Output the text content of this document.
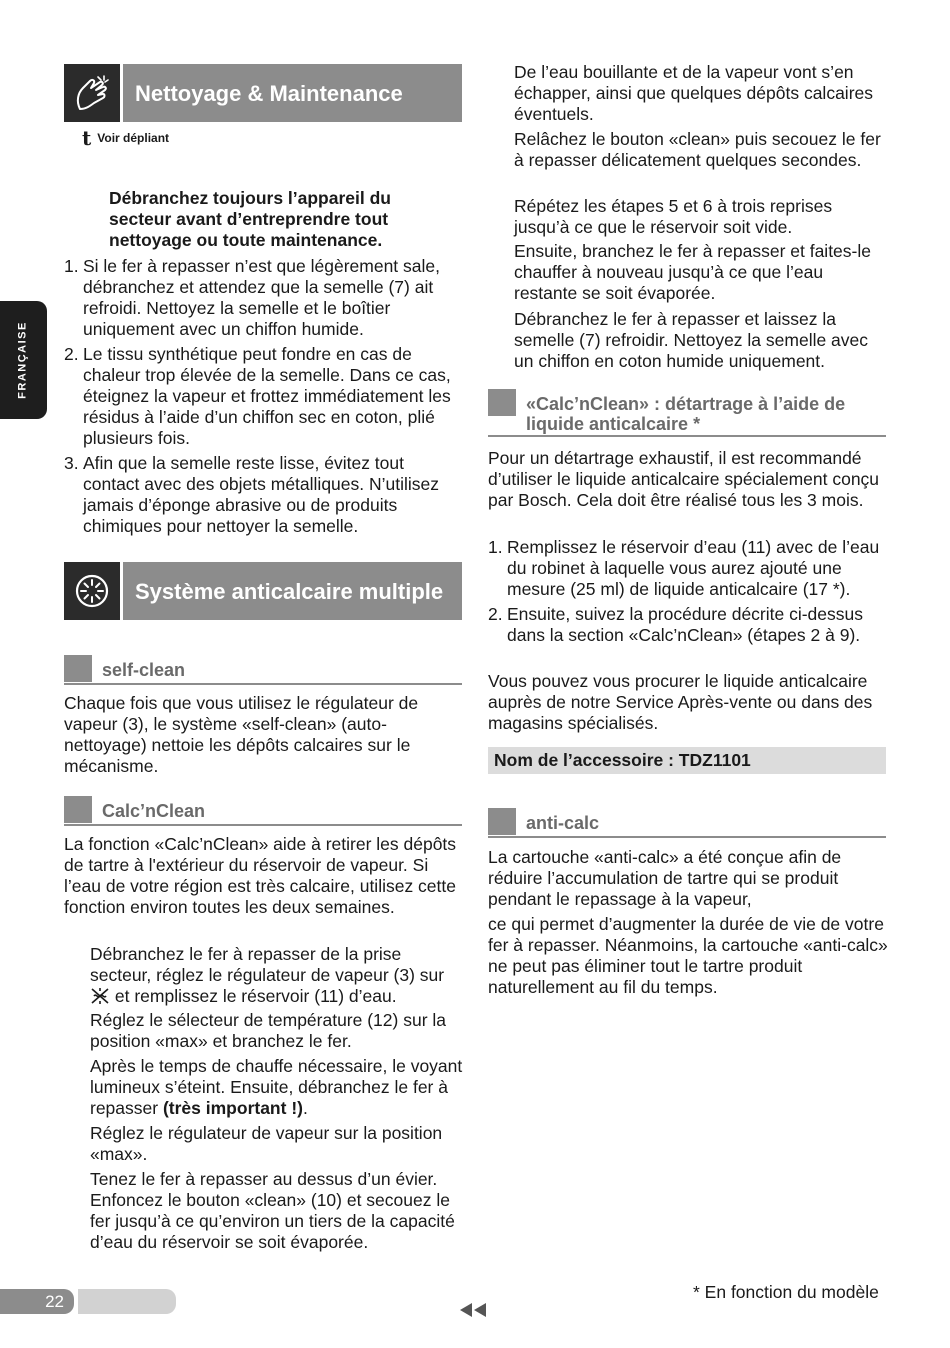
FRANÇAISE
Nettoyage & Maintenance
t Voir dépliant

Débranchez toujours l’appareil du secteur avant d’entreprendre tout nettoyage ou toute maintenance.

1. Si le fer à repasser n’est que légèrement sale, débranchez et attendez que la semelle (7) ait refroidi. Nettoyez la semelle et le boîtier uniquement avec un chiffon humide.
2. Le tissu synthétique peut fondre en cas de chaleur trop élevée de la semelle. Dans ce cas, éteignez la vapeur et frottez immédiatement les résidus à l’aide d’un chiffon sec en coton, plié plusieurs fois.
3. Afin que la semelle reste lisse, évitez tout contact avec des objets métalliques. N’utilisez jamais d’éponge abrasive ou de produits chimiques pour nettoyer la semelle.
Système anticalcaire multiple
self-clean

Chaque fois que vous utilisez le régulateur de vapeur (3), le système «self-clean» (auto-nettoyage) nettoie les dépôts calcaires sur le mécanisme.

Calc’nClean

La fonction «Calc’nClean» aide à retirer les dépôts de tartre à l'extérieur du réservoir de vapeur. Si l’eau de votre région est très calcaire, utilisez cette fonction environ toutes les deux semaines.

Débranchez le fer à repasser de la prise secteur, réglez le régulateur de vapeur (3) sur  et remplissez le réservoir (11) d’eau.

Réglez le sélecteur de température (12) sur la position «max» et branchez le fer.

Après le temps de chauffe nécessaire, le voyant lumineux s’éteint. Ensuite, débranchez le fer à repasser (très important !).

Réglez le régulateur de vapeur sur la position «max».

Tenez le fer à repasser au dessus d’un évier. Enfoncez le bouton «clean» (10) et secouez le fer jusqu’à ce qu’environ un tiers de la capacité d’eau du réservoir se soit évaporée.

De l’eau bouillante et de la vapeur vont s’en échapper, ainsi que quelques dépôts calcaires éventuels.

Relâchez le bouton «clean» puis secouez le fer à repasser délicatement quelques secondes.

Répétez les étapes 5 et 6 à trois reprises jusqu’à ce que le réservoir soit vide.

Ensuite, branchez le fer à repasser et faites-le chauffer à nouveau jusqu’à ce que l’eau restante se soit évaporée.

Débranchez le fer à repasser et laissez la semelle (7) refroidir. Nettoyez la semelle avec un chiffon en coton humide uniquement.

«Calc’nClean» : détartrage à l’aide de
liquide anticalcaire *

Pour un détartrage exhaustif, il est recommandé d’utiliser le liquide anticalcaire spécialement conçu par Bosch. Cela doit être réalisé tous les 3 mois.

1. Remplissez le réservoir d’eau (11) avec de l’eau du robinet à laquelle vous aurez ajouté une mesure (25 ml) de liquide anticalcaire (17 *).
2. Ensuite, suivez la procédure décrite ci-dessus dans la section «Calc’nClean» (étapes 2 à 9).

Vous pouvez vous procurer le liquide anticalcaire auprès de notre Service Après-vente ou dans des magasins spécialisés.

Nom de l’accessoire : TDZ1101
anti-calc

La cartouche «anti-calc» a été conçue afin de réduire l’accumulation de tartre qui se produit pendant le repassage à la vapeur,

ce qui permet d’augmenter la durée de vie de votre fer à repasser. Néanmoins, la cartouche «anti-calc» ne peut pas éliminer tout le tartre produit naturellement au fil du temps.

22	* En fonction du modèle
